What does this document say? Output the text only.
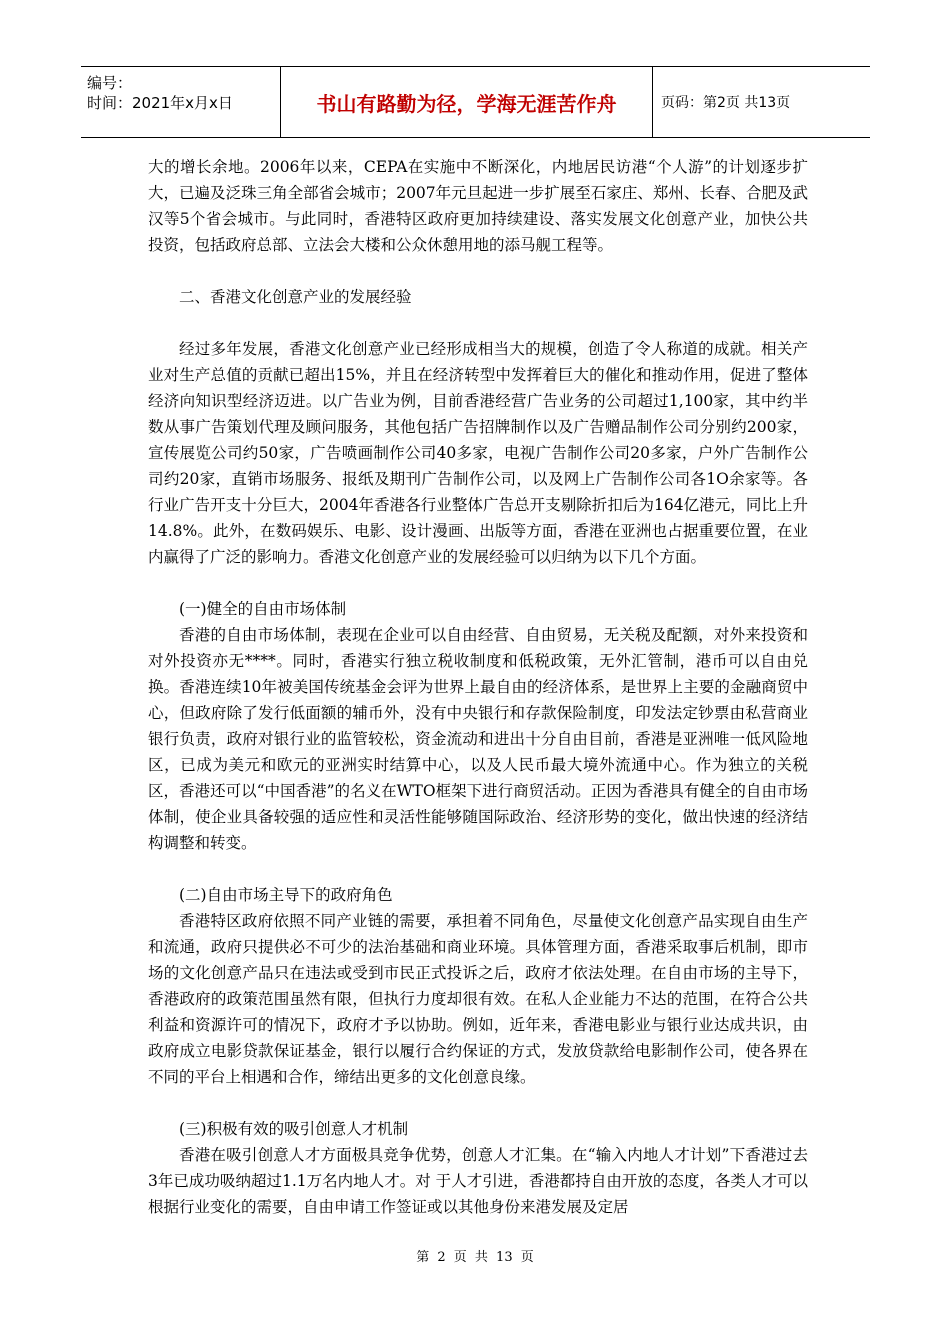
编号：
时间：2021年x月x日	书山有路勤为径，学海无涯苦作舟	页码：第2页 共13页

大的增长余地。2006年以来，CEPA在实施中不断深化，内地居民访港“个人游”的计划逐步扩大，已遍及泛珠三角全部省会城市；2007年元旦起进一步扩展至石家庄、郑州、长春、合肥及武汉等5个省会城市。与此同时，香港特区政府更加持续建设、落实发展文化创意产业，加快公共投资，包括政府总部、立法会大楼和公众休憩用地的添马舰工程等。

二、香港文化创意产业的发展经验

经过多年发展，香港文化创意产业已经形成相当大的规模，创造了令人称道的成就。相关产业对生产总值的贡献已超出15%，并且在经济转型中发挥着巨大的催化和推动作用，促进了整体经济向知识型经济迈进。以广告业为例，目前香港经营广告业务的公司超过1,100家，其中约半数从事广告策划代理及顾问服务，其他包括广告招牌制作以及广告赠品制作公司分别约200家，宣传展览公司约50家，广告喷画制作公司40多家，电视广告制作公司20多家，户外广告制作公司约20家，直销市场服务、报纸及期刊广告制作公司，以及网上广告制作公司各1O余家等。各行业广告开支十分巨大，2004年香港各行业整体广告总开支剔除折扣后为164亿港元，同比上升14.8%。此外，在数码娱乐、电影、设计漫画、出版等方面，香港在亚洲也占据重要位置，在业内赢得了广泛的影响力。香港文化创意产业的发展经验可以归纳为以下几个方面。

(一)健全的自由市场体制

香港的自由市场体制，表现在企业可以自由经营、自由贸易，无关税及配额，对外来投资和对外投资亦无****。同时，香港实行独立税收制度和低税政策，无外汇管制，港币可以自由兑换。香港连续10年被美国传统基金会评为世界上最自由的经济体系，是世界上主要的金融商贸中心，但政府除了发行低面额的辅币外，没有中央银行和存款保险制度，印发法定钞票由私营商业银行负责，政府对银行业的监管较松，资金流动和进出十分自由目前，香港是亚洲唯一低风险地区，已成为美元和欧元的亚洲实时结算中心，以及人民币最大境外流通中心。作为独立的关税区，香港还可以“中国香港”的名义在WTO框架下进行商贸活动。正因为香港具有健全的自由市场体制，使企业具备较强的适应性和灵活性能够随国际政治、经济形势的变化，做出快速的经济结构调整和转变。

(二)自由市场主导下的政府角色

香港特区政府依照不同产业链的需要，承担着不同角色，尽量使文化创意产品实现自由生产和流通，政府只提供必不可少的法治基础和商业环境。具体管理方面，香港采取事后机制，即市场的文化创意产品只在违法或受到市民正式投诉之后，政府才依法处理。在自由市场的主导下，香港政府的政策范围虽然有限，但执行力度却很有效。在私人企业能力不达的范围，在符合公共利益和资源许可的情况下，政府才予以协助。例如，近年来，香港电影业与银行业达成共识，由政府成立电影贷款保证基金，银行以履行合约保证的方式，发放贷款给电影制作公司，使各界在不同的平台上相遇和合作，缔结出更多的文化创意良缘。

(三)积极有效的吸引创意人才机制

香港在吸引创意人才方面极具竞争优势，创意人才汇集。在“输入内地人才计划”下香港过去3年已成功吸纳超过1.1万名内地人才。对 于人才引进，香港都持自由开放的态度，各类人才可以根据行业变化的需要，自由申请工作签证或以其他身份来港发展及定居

第 2 页 共 13 页
